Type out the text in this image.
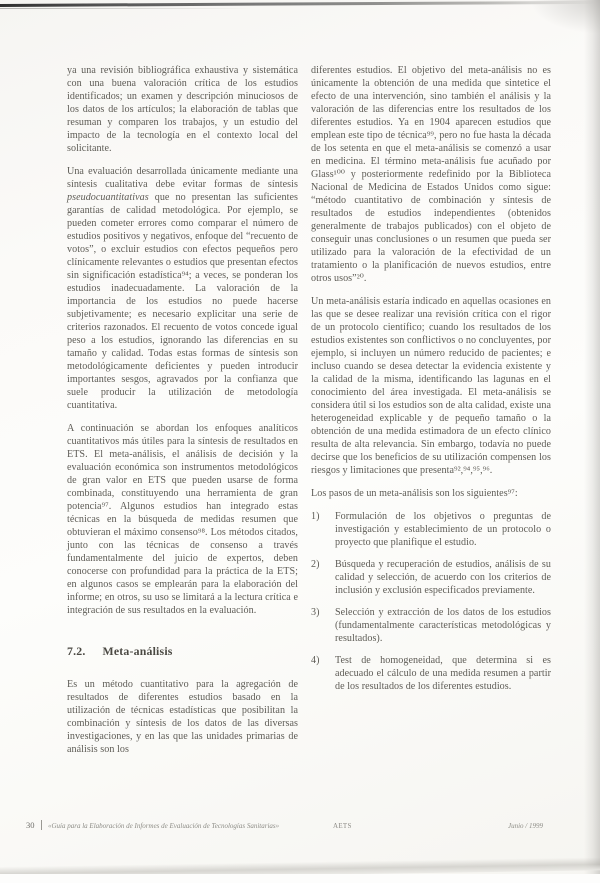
ya una revisión bibliográfica exhaustiva y sistemática con una buena valoración crítica de los estudios identificados; un examen y descripción minuciosos de los datos de los artículos; la elaboración de tablas que resuman y comparen los trabajos, y un estudio del impacto de la tecnología en el contexto local del solicitante.

Una evaluación desarrollada únicamente mediante una síntesis cualitativa debe evitar formas de síntesis pseudocuantitativas que no presentan las suficientes garantías de calidad metodológica. Por ejemplo, se pueden cometer errores como comparar el número de estudios positivos y negativos, enfoque del “recuento de votos”, o excluir estudios con efectos pequeños pero clínicamente relevantes o estudios que presentan efectos sin significación estadística⁹⁴; a veces, se ponderan los estudios inadecuadamente. La valoración de la importancia de los estudios no puede hacerse subjetivamente; es necesario explicitar una serie de criterios razonados. El recuento de votos concede igual peso a los estudios, ignorando las diferencias en su tamaño y calidad. Todas estas formas de síntesis son metodológicamente deficientes y pueden introducir importantes sesgos, agravados por la confianza que suele producir la utilización de metodología cuantitativa.

A continuación se abordan los enfoques analíticos cuantitativos más útiles para la síntesis de resultados en ETS. El meta-análisis, el análisis de decisión y la evaluación económica son instrumentos metodológicos de gran valor en ETS que pueden usarse de forma combinada, constituyendo una herramienta de gran potencia⁹⁷. Algunos estudios han integrado estas técnicas en la búsqueda de medidas resumen que obtuvieran el máximo consenso⁹⁸. Los métodos citados, junto con las técnicas de consenso a través fundamentalmente del juicio de expertos, deben conocerse con profundidad para la práctica de la ETS; en algunos casos se emplearán para la elaboración del informe; en otros, su uso se limitará a la lectura crítica e integración de sus resultados en la evaluación.

7.2. Meta-análisis

Es un método cuantitativo para la agregación de resultados de diferentes estudios basado en la utilización de técnicas estadísticas que posibilitan la combinación y síntesis de los datos de las diversas investigaciones, y en las que las unidades primarias de análisis son los

diferentes estudios. El objetivo del meta-análisis no es únicamente la obtención de una medida que sintetice el efecto de una intervención, sino también el análisis y la valoración de las diferencias entre los resultados de los diferentes estudios. Ya en 1904 aparecen estudios que emplean este tipo de técnica⁹⁹, pero no fue hasta la década de los setenta en que el meta-análisis se comenzó a usar en medicina. El término meta-análisis fue acuñado por Glass¹⁰⁰ y posteriormente redefinido por la Biblioteca Nacional de Medicina de Estados Unidos como sigue: “método cuantitativo de combinación y síntesis de resultados de estudios independientes (obtenidos generalmente de trabajos publicados) con el objeto de conseguir unas conclusiones o un resumen que pueda ser utilizado para la valoración de la efectividad de un tratamiento o la planificación de nuevos estudios, entre otros usos”²⁰.

Un meta-análisis estaría indicado en aquellas ocasiones en las que se desee realizar una revisión crítica con el rigor de un protocolo científico; cuando los resultados de los estudios existentes son conflictivos o no concluyentes, por ejemplo, si incluyen un número reducido de pacientes; e incluso cuando se desea detectar la evidencia existente y la calidad de la misma, identificando las lagunas en el conocimiento del área investigada. El meta-análisis se considera útil si los estudios son de alta calidad, existe una heterogeneidad explicable y de pequeño tamaño o la obtención de una medida estimadora de un efecto clínico resulta de alta relevancia. Sin embargo, todavía no puede decirse que los beneficios de su utilización compensen los riesgos y limitaciones que presenta⁹²,⁹⁴,⁹⁵,⁹⁶.

Los pasos de un meta-análisis son los siguientes⁹⁷:

1)	Formulación de los objetivos o preguntas de investigación y establecimiento de un protocolo o proyecto que planifique el estudio.
2)	Búsqueda y recuperación de estudios, análisis de su calidad y selección, de acuerdo con los criterios de inclusión y exclusión especificados previamente.
3)	Selección y extracción de los datos de los estudios (fundamentalmente características metodológicas y resultados).
4)	Test de homogeneidad, que determina si es adecuado el cálculo de una medida resumen a partir de los resultados de los diferentes estudios.
30 «Guía para la Elaboración de Informes de Evaluación de Tecnologías Sanitarias»	AETS	Junio / 1999
